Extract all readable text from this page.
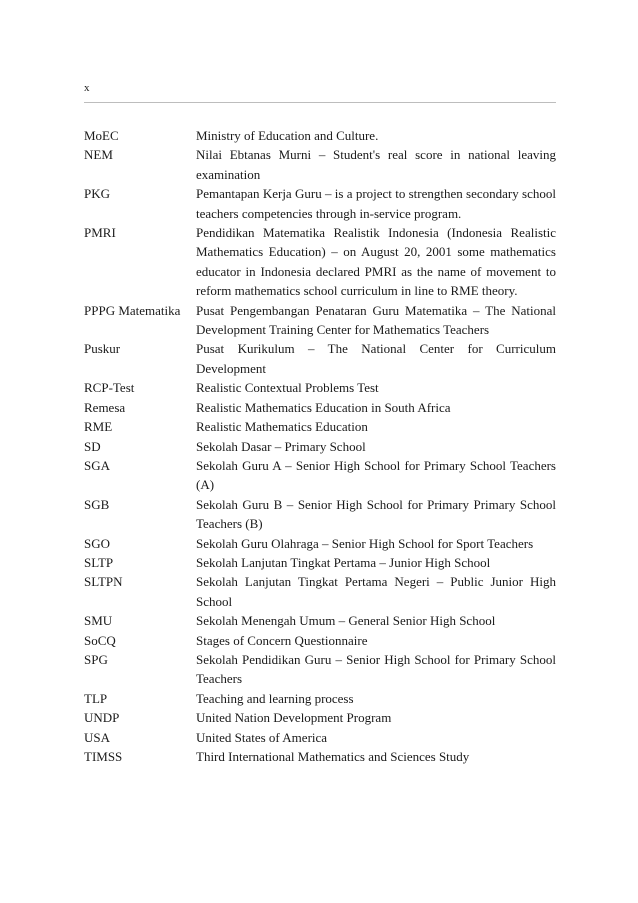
x
MoEC	Ministry of Education and Culture.
NEM	Nilai Ebtanas Murni – Student's real score in national leaving examination
PKG	Pemantapan Kerja Guru – is a project to strengthen secondary school teachers competencies through in-service program.
PMRI	Pendidikan Matematika Realistik Indonesia (Indonesia Realistic Mathematics Education) – on August 20, 2001 some mathematics educator in Indonesia declared PMRI as the name of movement to reform mathematics school curriculum in line to RME theory.
PPPG Matematika	Pusat Pengembangan Penataran Guru Matematika – The National Development Training Center for Mathematics Teachers
Puskur	Pusat Kurikulum – The National Center for Curriculum Development
RCP-Test	Realistic Contextual Problems Test
Remesa	Realistic Mathematics Education in South Africa
RME	Realistic Mathematics Education
SD	Sekolah Dasar – Primary School
SGA	Sekolah Guru A – Senior High School for Primary School Teachers (A)
SGB	Sekolah Guru B – Senior High School for Primary Primary School Teachers (B)
SGO	Sekolah Guru Olahraga – Senior High School for Sport Teachers
SLTP	Sekolah Lanjutan Tingkat Pertama – Junior High School
SLTPN	Sekolah Lanjutan Tingkat Pertama Negeri – Public Junior High School
SMU	Sekolah Menengah Umum – General Senior High School
SoCQ	Stages of Concern Questionnaire
SPG	Sekolah Pendidikan Guru – Senior High School for Primary School Teachers
TLP	Teaching and learning process
UNDP	United Nation Development Program
USA	United States of America
TIMSS	Third International Mathematics and Sciences Study
